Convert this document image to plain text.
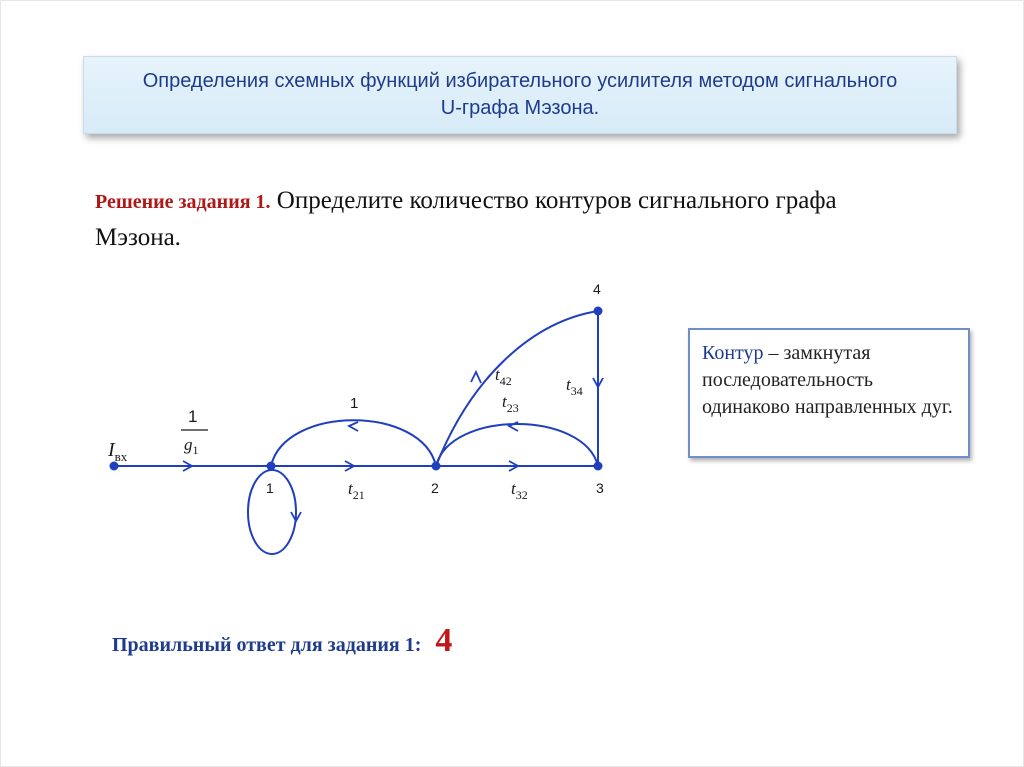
Определения схемных функций избирательного усилителя методом сигнального U-графа Мэзона.
Решение задания 1. Определите количество контуров сигнального графа Мэзона.
Контур – замкнутая последовательность одинаково направленных дуг.
Правильный ответ для задания 1: 4
$I_{вх}$
1
$g_1$
1	2	3
4
1
$t_{21}$	$t_{32}$
$t_{42}$
$t_{23}$
$t_{34}$
